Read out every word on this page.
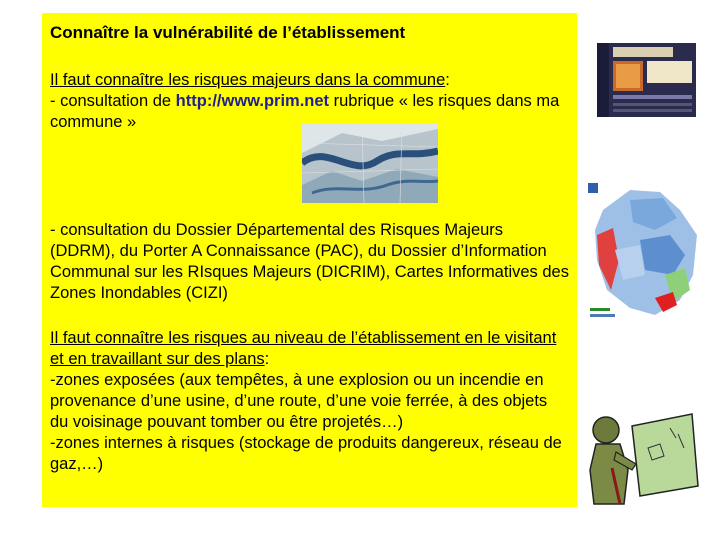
Connaître la vulnérabilité de l’établissement

Il faut connaître les risques majeurs dans la commune:
- consultation de http://www.prim.net rubrique « les risques dans ma commune »

- consultation du Dossier Départemental des Risques Majeurs (DDRM), du Porter A Connaissance (PAC), du Dossier d’Information Communal sur les RIsques Majeurs (DICRIM), Cartes Informatives des Zones Inondables (CIZI)

Il faut connaître les risques au niveau de l’établissement en le visitant et en travaillant sur des plans:
-zones exposées (aux tempêtes, à une explosion ou un incendie en provenance d’une usine, d’une route, d’une voie ferrée, à des objets du voisinage pouvant tomber ou être projetés…)
-zones internes à risques (stockage de produits dangereux, réseau de gaz,…)
